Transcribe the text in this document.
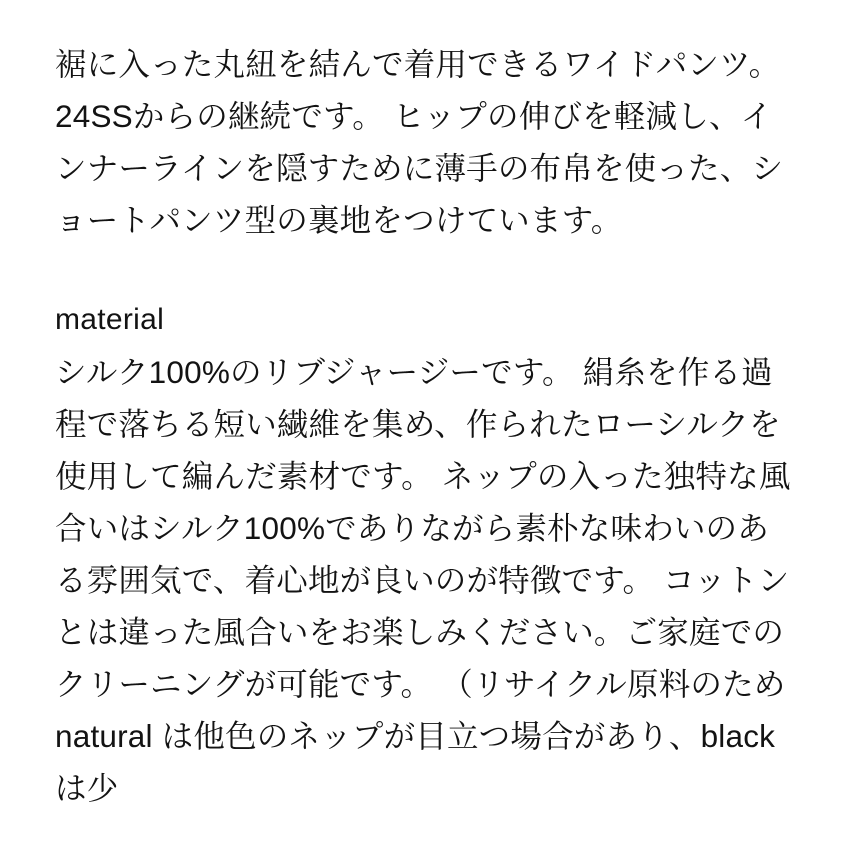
裾に入った丸紐を結んで着用できるワイドパンツ。 24SSからの継続です。 ヒップの伸びを軽減し、インナーラインを隠すために薄手の布帛を使った、ショートパンツ型の裏地をつけています。

material

シルク100%のリブジャージーです。 絹糸を作る過程で落ちる短い繊維を集め、作られたローシルクを使用して編んだ素材です。 ネップの入った独特な風合いはシルク100%でありながら素朴な味わいのある雰囲気で、着心地が良いのが特徴です。 コットンとは違った風合いをお楽しみください。ご家庭でのクリーニングが可能です。 （リサイクル原料のため natural は他色のネップが目立つ場合があり、black は少
